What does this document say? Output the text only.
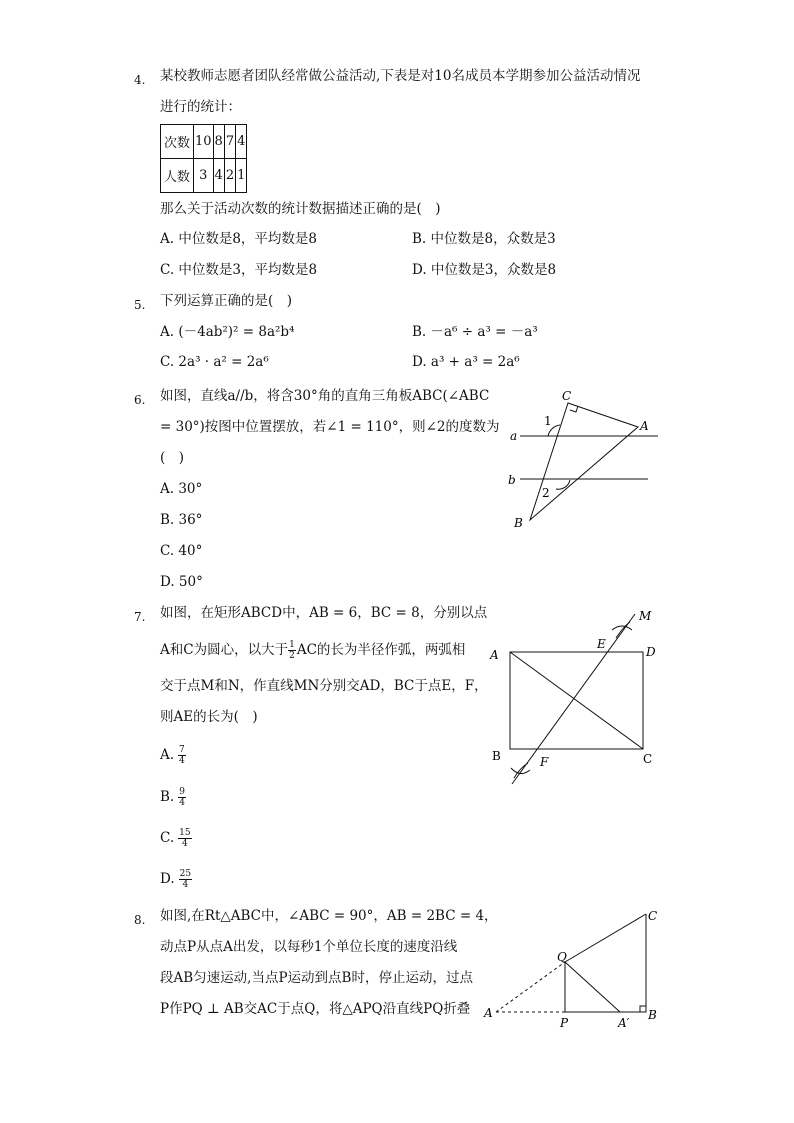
4. 某校教师志愿者团队经常做公益活动,下表是对10名成员本学期参加公益活动情况
进行的统计：
次数	10	8	7	4
人数	3	4	2	1
那么关于活动次数的统计数据描述正确的是(　)
A. 中位数是8，平均数是8	B. 中位数是8，众数是3
C. 中位数是3，平均数是8	D. 中位数是3，众数是8
5. 下列运算正确的是(　)
A. (－4ab²)² = 8a²b⁴	B. －a⁶ ÷ a³ = －a³
C. 2a³ · a² = 2a⁶	D. a³ + a³ = 2a⁶
6. 如图，直线a//b，将含30°角的直角三角板ABC(∠ABC
= 30°)按图中位置摆放，若∠1 = 110°，则∠2的度数为
(　)
A. 30°
B. 36°
C. 40°
D. 50°
C
A
B
a
b
1
2
7. 如图，在矩形ABCD中，AB = 6，BC = 8，分别以点
A和C为圆心，以大于 $\frac{1}{2}$ AC的长为半径作弧，两弧相
交于点M和N，作直线MN分别交AD，BC于点E，F，
则AE的长为(　)
A. $\frac{7}{4}$
B. $\frac{9}{4}$
C. $\frac{15}{4}$
D. $\frac{25}{4}$
M
E
D
A
B	F	C
8. 如图,在Rt△ABC中，∠ABC = 90°，AB = 2BC = 4，
动点P从点A出发，以每秒1个单位长度的速度沿线
段AB匀速运动,当点P运动到点B时，停止运动，过点
P作PQ ⊥ AB交AC于点Q，将△APQ沿直线PQ折叠
C
Q
A
P	A′
B
